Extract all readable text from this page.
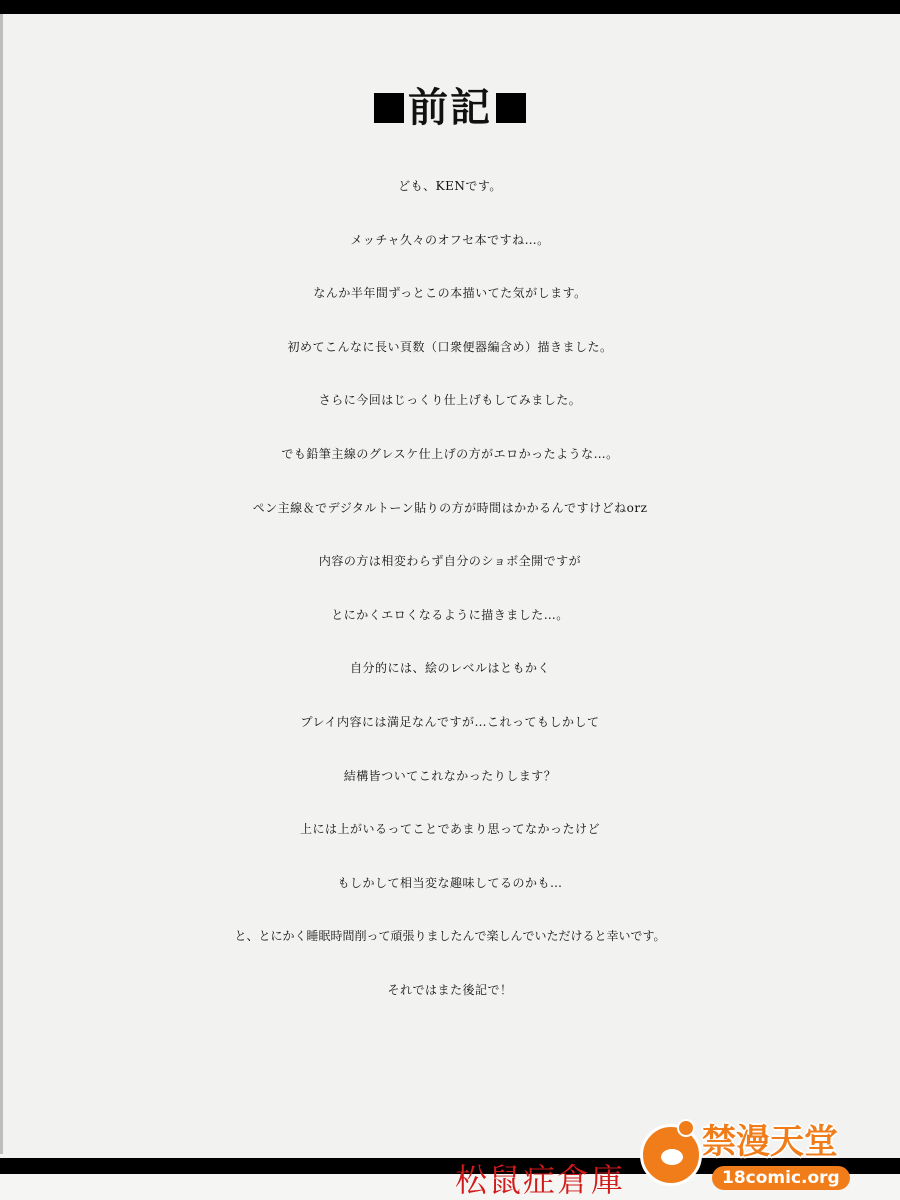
前記
ども、KENです。
メッチャ久々のオフセ本ですね…。
なんか半年間ずっとこの本描いてた気がします。
初めてこんなに長い頁数（口衆便器編含め）描きました。
さらに今回はじっくり仕上げもしてみました。
でも鉛筆主線のグレスケ仕上げの方がエロかったような…。
ペン主線＆でデジタルトーン貼りの方が時間はかかるんですけどねorz
内容の方は相変わらず自分のショボ全開ですが
とにかくエロくなるように描きました…。
自分的には、絵のレベルはともかく
プレイ内容には満足なんですが…これってもしかして
結構皆ついてこれなかったりします？
上には上がいるってことであまり思ってなかったけど
もしかして相当変な趣味してるのかも…
と、とにかく睡眠時間削って頑張りましたんで楽しんでいただけると幸いです。
それではまた後記で！
松鼠症倉庫
禁漫天堂
18comic.org
